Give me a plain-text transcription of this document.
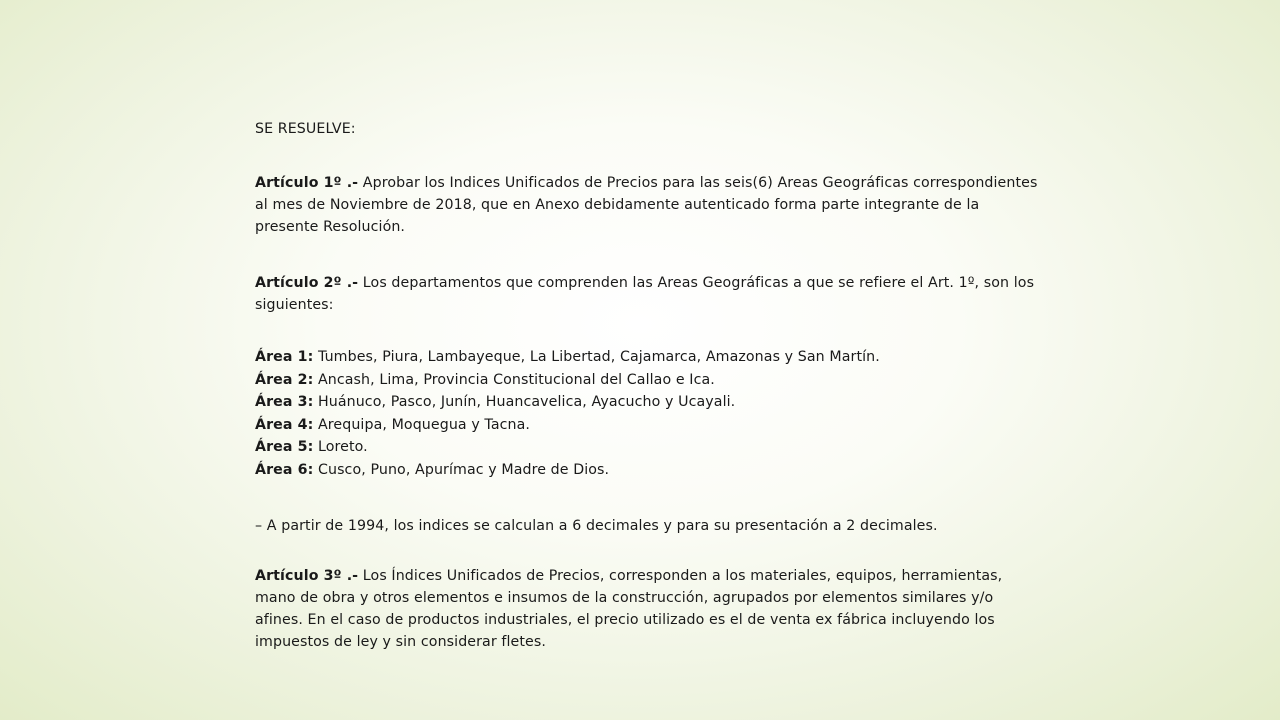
SE RESUELVE:

Artículo 1º .- Aprobar los Indices Unificados de Precios para las seis(6) Areas Geográficas correspondientes al mes de Noviembre de 2018, que en Anexo debidamente autenticado forma parte integrante de la presente Resolución.

Artículo 2º .- Los departamentos que comprenden las Areas Geográficas a que se refiere el Art. 1º, son los siguientes:

Área 1: Tumbes, Piura, Lambayeque, La Libertad, Cajamarca, Amazonas y San Martín.

Área 2: Ancash, Lima, Provincia Constitucional del Callao e Ica.

Área 3: Huánuco, Pasco, Junín, Huancavelica, Ayacucho y Ucayali.

Área 4: Arequipa, Moquegua y Tacna.

Área 5: Loreto.

Área 6: Cusco, Puno, Apurímac y Madre de Dios.

– A partir de 1994, los indices se calculan a 6 decimales y para su presentación a 2 decimales.

Artículo 3º .- Los Índices Unificados de Precios, corresponden a los materiales, equipos, herramientas, mano de obra y otros elementos e insumos de la construcción, agrupados por elementos similares y/o afines. En el caso de productos industriales, el precio utilizado es el de venta ex fábrica incluyendo los impuestos de ley y sin considerar fletes.
